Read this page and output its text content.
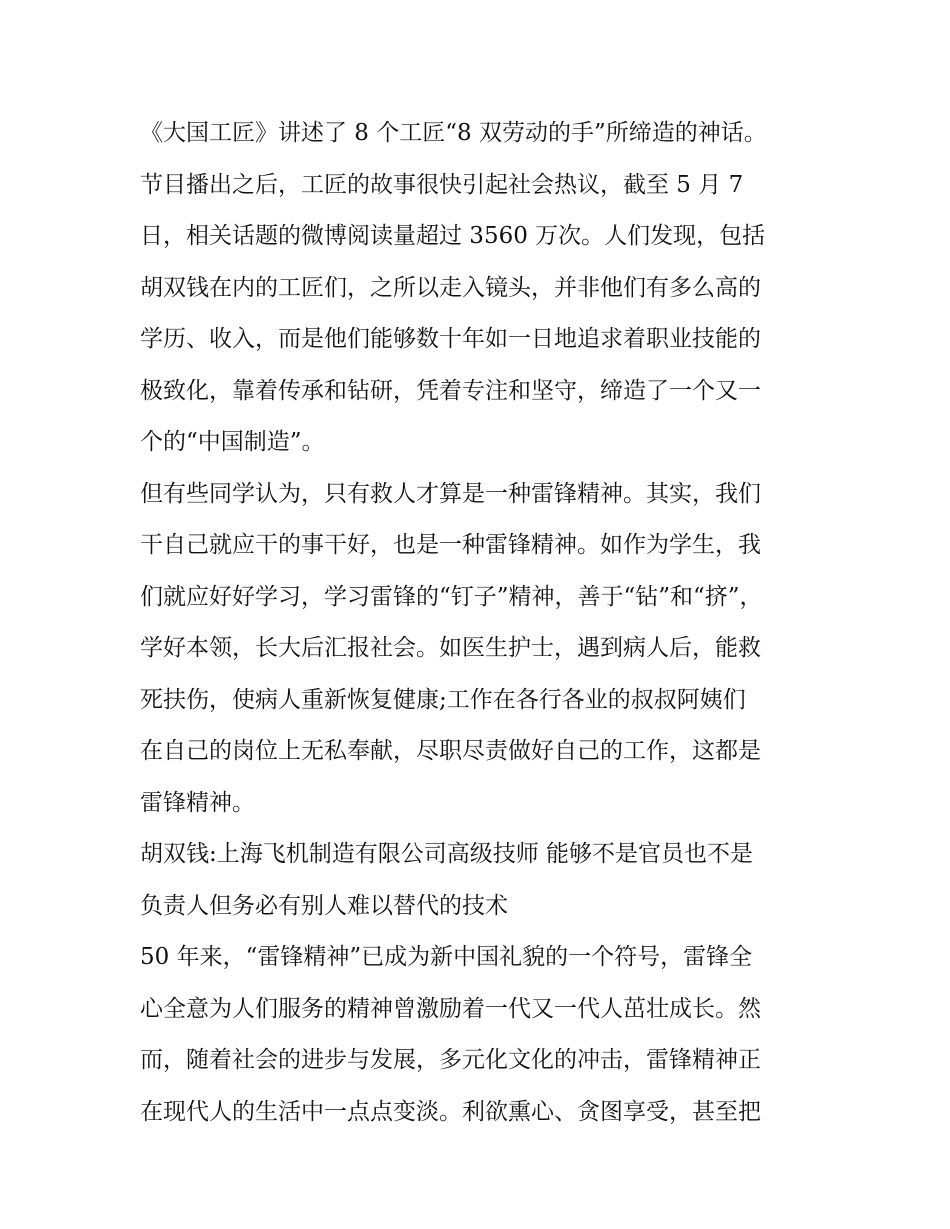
《大国工匠》讲述了 8 个工匠“8 双劳动的手”所缔造的神话。
节目播出之后，工匠的故事很快引起社会热议，截至 5 月 7
日，相关话题的微博阅读量超过 3560 万次。人们发现，包括
胡双钱在内的工匠们，之所以走入镜头，并非他们有多么高的
学历、收入，而是他们能够数十年如一日地追求着职业技能的
极致化，靠着传承和钻研，凭着专注和坚守，缔造了一个又一
个的“中国制造”。
但有些同学认为，只有救人才算是一种雷锋精神。其实，我们
干自己就应干的事干好，也是一种雷锋精神。如作为学生，我
们就应好好学习，学习雷锋的“钉子”精神，善于“钻”和“挤”，
学好本领，长大后汇报社会。如医生护士，遇到病人后，能救
死扶伤，使病人重新恢复健康;工作在各行各业的叔叔阿姨们
在自己的岗位上无私奉献，尽职尽责做好自己的工作，这都是
雷锋精神。
胡双钱:上海飞机制造有限公司高级技师 能够不是官员也不是
负责人但务必有别人难以替代的技术
50 年来，“雷锋精神”已成为新中国礼貌的一个符号，雷锋全
心全意为人们服务的精神曾激励着一代又一代人茁壮成长。然
而，随着社会的进步与发展，多元化文化的冲击，雷锋精神正
在现代人的生活中一点点变淡。利欲熏心、贪图享受，甚至把
